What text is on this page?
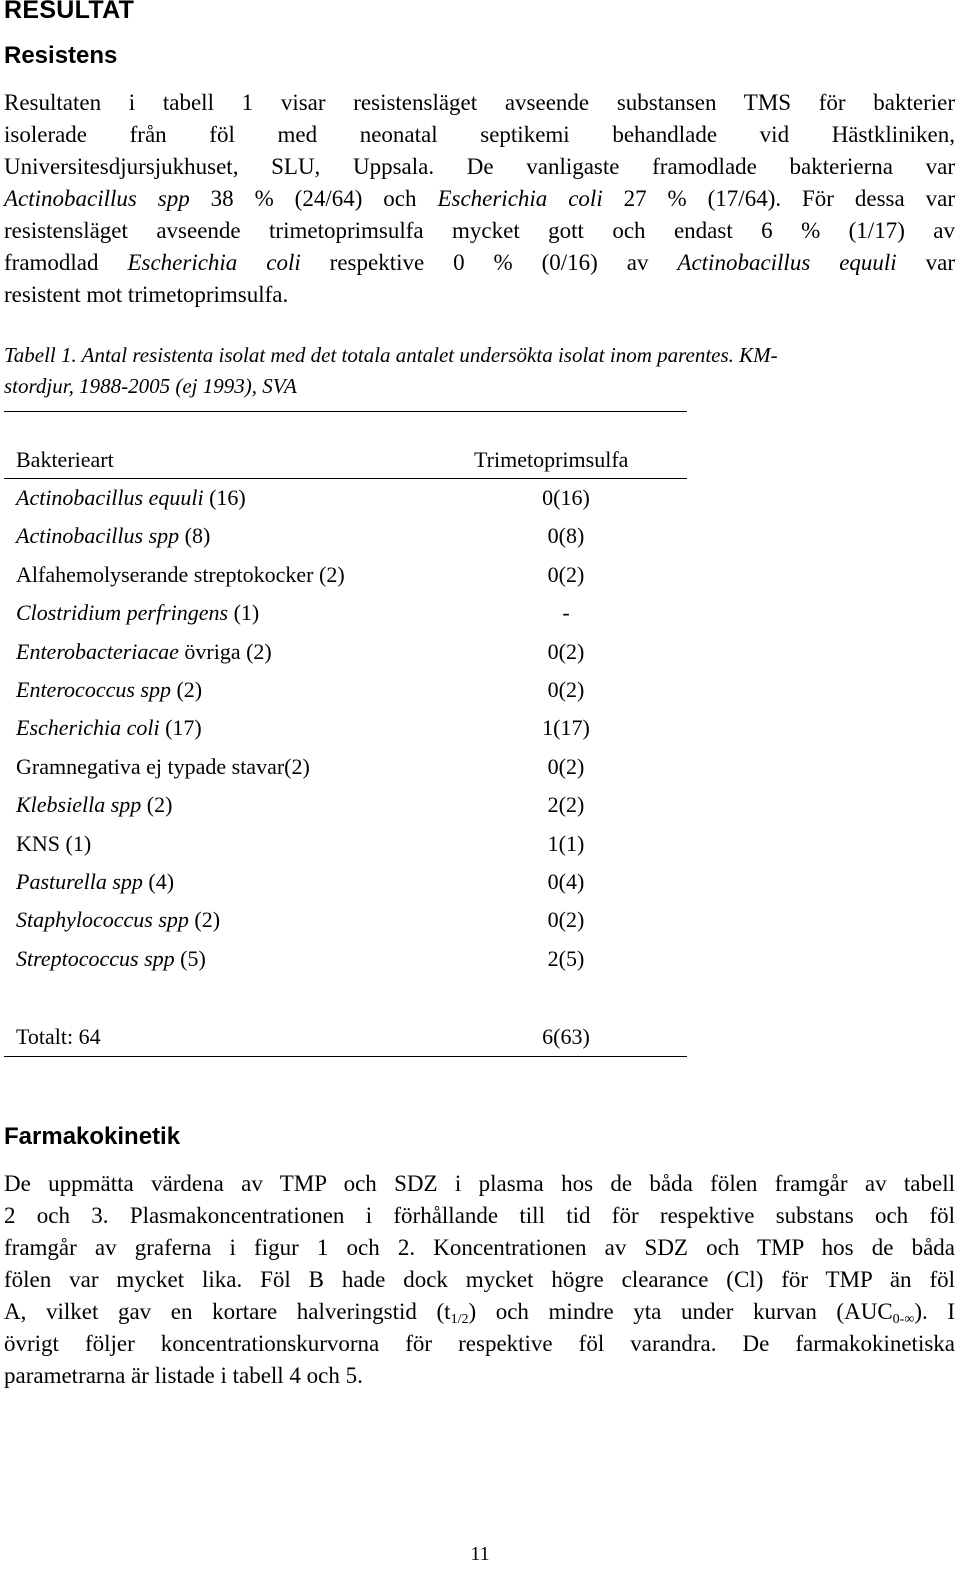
RESULTAT
Resistens
Resultaten i tabell 1 visar resistensläget avseende substansen TMS för bakterier
isolerade från föl med neonatal septikemi behandlade vid Hästkliniken,
Universitesdjursjukhuset, SLU, Uppsala. De vanligaste framodlade bakterierna var
Actinobacillus spp 38 % (24/64) och Escherichia coli 27 % (17/64). För dessa var
resistensläget avseende trimetoprimsulfa mycket gott och endast 6 % (1/17) av
framodlad Escherichia coli respektive 0 % (0/16) av Actinobacillus equuli var
resistent mot trimetoprimsulfa.
Tabell 1. Antal resistenta isolat med det totala antalet undersökta isolat inom parentes. KM-
stordjur, 1988-2005 (ej 1993), SVA
Bakterieart	Trimetoprimsulfa
Actinobacillus equuli (16)	0(16)
Actinobacillus spp (8)	0(8)
Alfahemolyserande streptokocker (2)	0(2)
Clostridium perfringens (1)	-
Enterobacteriacae övriga (2)	0(2)
Enterococcus spp (2)	0(2)
Escherichia coli (17)	1(17)
Gramnegativa ej typade stavar(2)	0(2)
Klebsiella spp (2)	2(2)
KNS (1)	1(1)
Pasturella spp (4)	0(4)
Staphylococcus spp (2)	0(2)
Streptococcus spp (5)	2(5)
Totalt: 64	6(63)
Farmakokinetik
De uppmätta värdena av TMP och SDZ i plasma hos de båda fölen framgår av tabell
2 och 3. Plasmakoncentrationen i förhållande till tid för respektive substans och föl
framgår av graferna i figur 1 och 2. Koncentrationen av SDZ och TMP hos de båda
fölen var mycket lika. Föl B hade dock mycket högre clearance (Cl) för TMP än föl
A, vilket gav en kortare halveringstid $(t_{1/2})$ och mindre yta under kurvan $(AUC_{0-\infty})$. I
övrigt följer koncentrationskurvorna för respektive föl varandra. De farmakokinetiska
parametrarna är listade i tabell 4 och 5.
11
